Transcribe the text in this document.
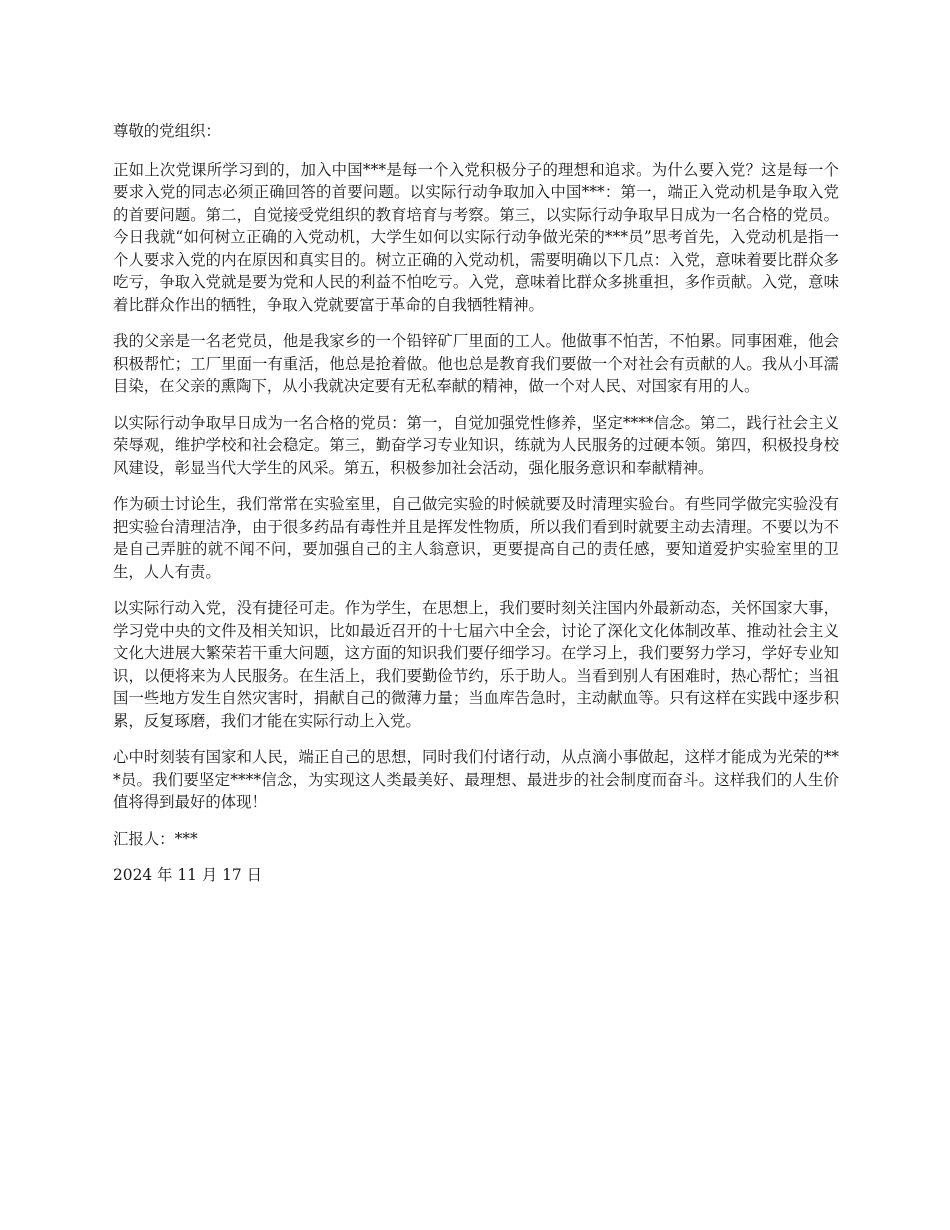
尊敬的党组织：

正如上次党课所学习到的，加入中国***是每一个入党积极分子的理想和追求。为什么要入党？这是每一个要求入党的同志必须正确回答的首要问题。以实际行动争取加入中国***：第一，端正入党动机是争取入党的首要问题。第二，自觉接受党组织的教育培育与考察。第三，以实际行动争取早日成为一名合格的党员。今日我就“如何树立正确的入党动机，大学生如何以实际行动争做光荣的***员”思考首先，入党动机是指一个人要求入党的内在原因和真实目的。树立正确的入党动机，需要明确以下几点：入党，意味着要比群众多吃亏，争取入党就是要为党和人民的利益不怕吃亏。入党，意味着比群众多挑重担，多作贡献。入党，意味着比群众作出的牺牲，争取入党就要富于革命的自我牺牲精神。

我的父亲是一名老党员，他是我家乡的一个铅锌矿厂里面的工人。他做事不怕苦，不怕累。同事困难，他会积极帮忙；工厂里面一有重活，他总是抢着做。他也总是教育我们要做一个对社会有贡献的人。我从小耳濡目染，在父亲的熏陶下，从小我就决定要有无私奉献的精神，做一个对人民、对国家有用的人。

以实际行动争取早日成为一名合格的党员：第一，自觉加强党性修养，坚定****信念。第二，践行社会主义荣辱观，维护学校和社会稳定。第三，勤奋学习专业知识，练就为人民服务的过硬本领。第四，积极投身校风建设，彰显当代大学生的风采。第五，积极参加社会活动，强化服务意识和奉献精神。

作为硕士讨论生，我们常常在实验室里，自己做完实验的时候就要及时清理实验台。有些同学做完实验没有把实验台清理洁净，由于很多药品有毒性并且是挥发性物质，所以我们看到时就要主动去清理。不要以为不是自己弄脏的就不闻不问，要加强自己的主人翁意识，更要提高自己的责任感，要知道爱护实验室里的卫生，人人有责。

以实际行动入党，没有捷径可走。作为学生，在思想上，我们要时刻关注国内外最新动态，关怀国家大事，学习党中央的文件及相关知识，比如最近召开的十七届六中全会，讨论了深化文化体制改革、推动社会主义文化大进展大繁荣若干重大问题，这方面的知识我们要仔细学习。在学习上，我们要努力学习，学好专业知识，以便将来为人民服务。在生活上，我们要勤俭节约，乐于助人。当看到别人有困难时，热心帮忙；当祖国一些地方发生自然灾害时，捐献自己的微薄力量；当血库告急时，主动献血等。只有这样在实践中逐步积累，反复琢磨，我们才能在实际行动上入党。

心中时刻装有国家和人民，端正自己的思想，同时我们付诸行动，从点滴小事做起，这样才能成为光荣的***员。我们要坚定****信念，为实现这人类最美好、最理想、最进步的社会制度而奋斗。这样我们的人生价值将得到最好的体现！

汇报人：***

2024 年 11 月 17 日
